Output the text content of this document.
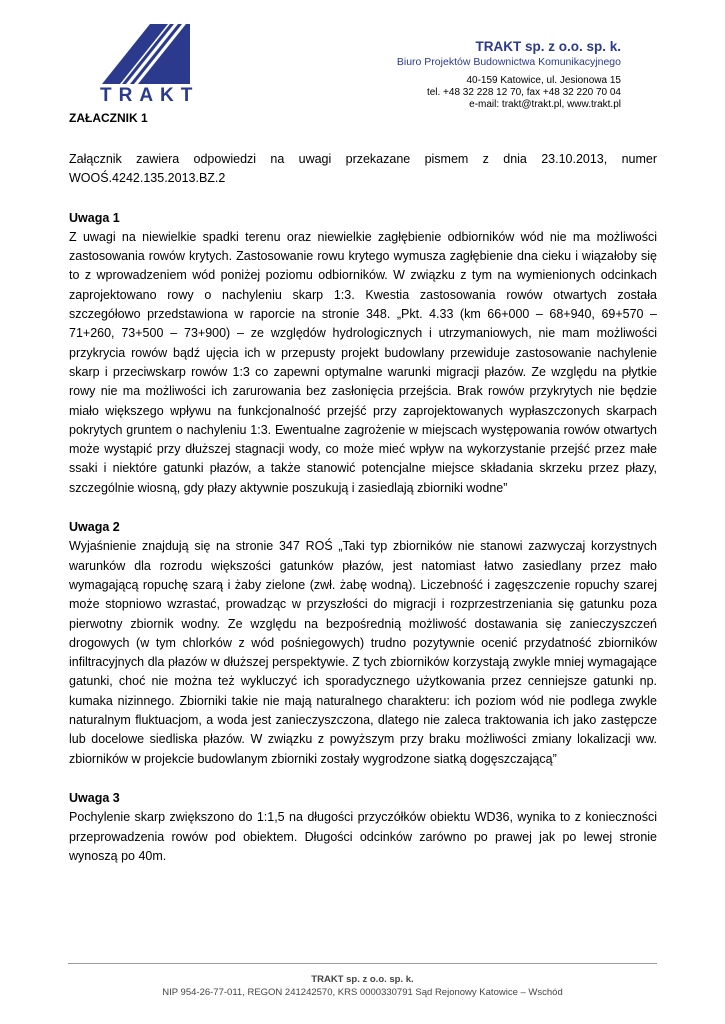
R
TRAKT
TRAKT sp. z o.o. sp. k.
Biuro Projektów Budownictwa Komunikacyjnego
40-159 Katowice, ul. Jesionowa 15
tel. +48 32 228 12 70, fax +48 32 220 70 04
e-mail: trakt@trakt.pl, www.trakt.pl
ZAŁACZNIK 1

Załącznik zawiera odpowiedzi na uwagi przekazane pismem z dnia 23.10.2013, numer WOOŚ.4242.135.2013.BZ.2

Uwaga 1

Z uwagi na niewielkie spadki terenu oraz niewielkie zagłębienie odbiorników wód nie ma możliwości zastosowania rowów krytych. Zastosowanie rowu krytego wymusza zagłębienie dna cieku i wiązałoby się to z wprowadzeniem wód poniżej poziomu odbiorników. W związku z tym na wymienionych odcinkach zaprojektowano rowy o nachyleniu skarp 1:3. Kwestia zastosowania rowów otwartych została szczegółowo przedstawiona w raporcie na stronie 348. „Pkt. 4.33 (km 66+000 – 68+940, 69+570 – 71+260, 73+500 – 73+900) – ze względów hydrologicznych i utrzymaniowych, nie mam możliwości przykrycia rowów bądź ujęcia ich w przepusty projekt budowlany przewiduje zastosowanie nachylenie skarp i przeciwskarp rowów 1:3 co zapewni optymalne warunki migracji płazów. Ze względu na płytkie rowy nie ma możliwości ich zarurowania bez zasłonięcia przejścia. Brak rowów przykrytych nie będzie miało większego wpływu na funkcjonalność przejść przy zaprojektowanych wypłaszczonych skarpach pokrytych gruntem o nachyleniu 1:3. Ewentualne zagrożenie w miejscach występowania rowów otwartych może wystąpić przy dłuższej stagnacji wody, co może mieć wpływ na wykorzystanie przejść przez małe ssaki i niektóre gatunki płazów, a także stanowić potencjalne miejsce składania skrzeku przez płazy, szczególnie wiosną, gdy płazy aktywnie poszukują i zasiedlają zbiorniki wodne”

Uwaga 2

Wyjaśnienie znajdują się na stronie 347 ROŚ „Taki typ zbiorników nie stanowi zazwyczaj korzystnych warunków dla rozrodu większości gatunków płazów, jest natomiast łatwo zasiedlany przez mało wymagającą ropuchę szarą i żaby zielone (zwł. żabę wodną). Liczebność i zagęszczenie ropuchy szarej może stopniowo wzrastać, prowadząc w przyszłości do migracji i rozprzestrzeniania się gatunku poza pierwotny zbiornik wodny. Ze względu na bezpośrednią możliwość dostawania się zanieczyszczeń drogowych (w tym chlorków z wód pośniegowych) trudno pozytywnie ocenić przydatność zbiorników infiltracyjnych dla płazów w dłuższej perspektywie. Z tych zbiorników korzystają zwykle mniej wymagające gatunki, choć nie można też wykluczyć ich sporadycznego użytkowania przez cenniejsze gatunki np. kumaka nizinnego. Zbiorniki takie nie mają naturalnego charakteru: ich poziom wód nie podlega zwykle naturalnym fluktuacjom, a woda jest zanieczyszczona, dlatego nie zaleca traktowania ich jako zastępcze lub docelowe siedliska płazów. W związku z powyższym przy braku możliwości zmiany lokalizacji ww. zbiorników w projekcie budowlanym zbiorniki zostały wygrodzone siatką dogęszczającą”

Uwaga 3

Pochylenie skarp zwiększono do 1:1,5 na długości przyczółków obiektu WD36, wynika to z konieczności przeprowadzenia rowów pod obiektem. Długości odcinków zarówno po prawej jak po lewej stronie wynoszą po 40m.

TRAKT sp. z o.o. sp. k.
NIP 954-26-77-011, REGON 241242570, KRS 0000330791 Sąd Rejonowy Katowice – Wschód
